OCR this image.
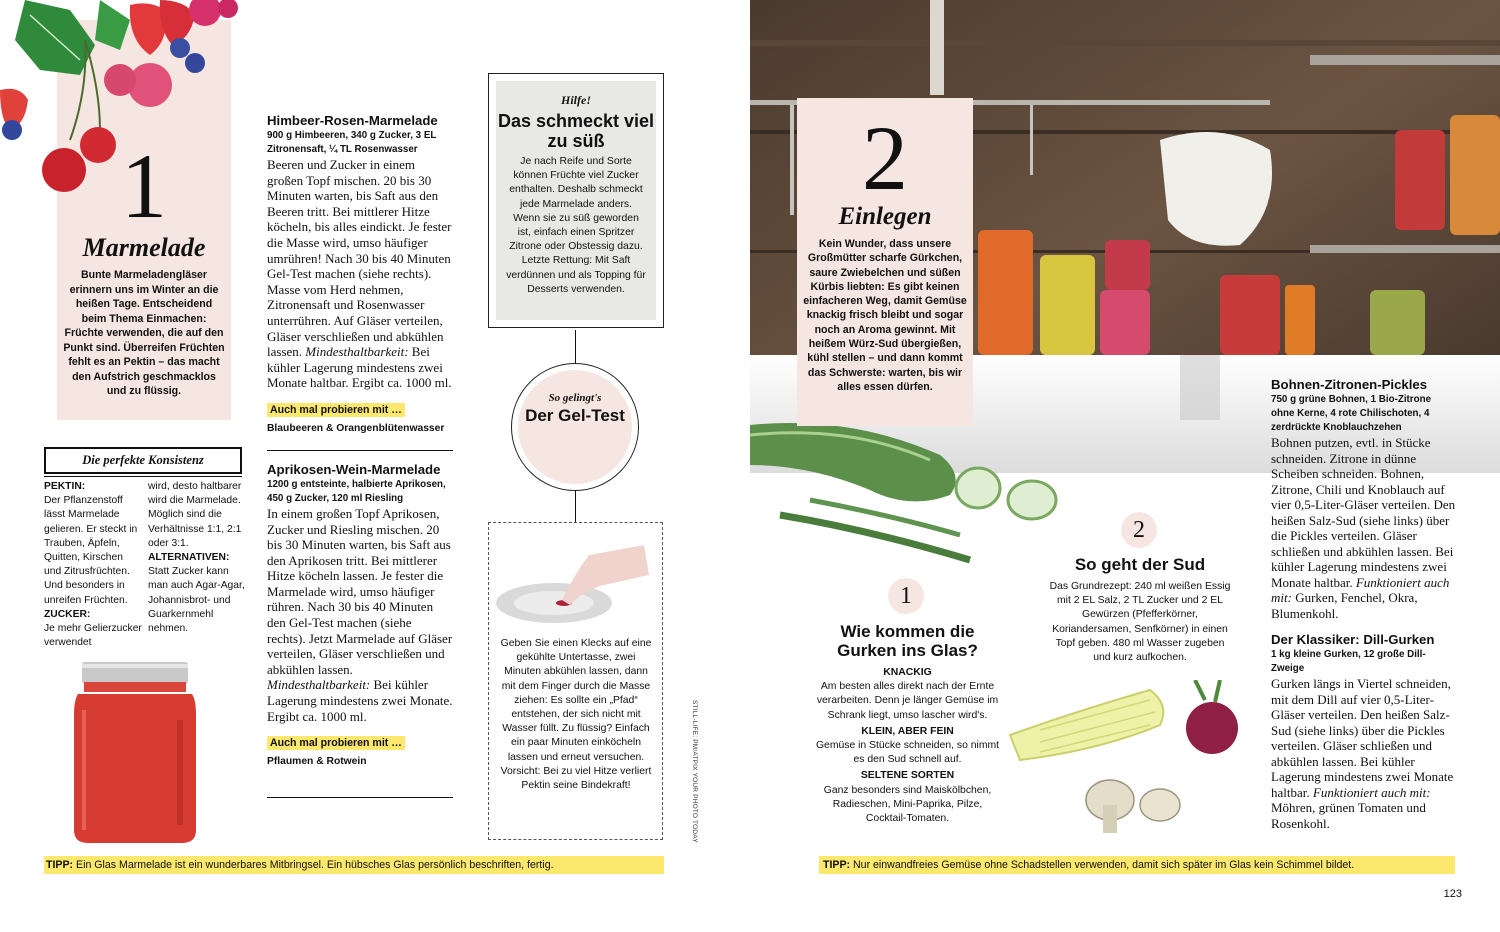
1
Marmelade
Bunte Marmeladengläser erinnern uns im Winter an die heißen Tage. Entscheidend beim Thema Einmachen: Früchte verwenden, die auf den Punkt sind. Überreifen Früchten fehlt es an Pektin – das macht den Aufstrich geschmacklos und zu flüssig.
Die perfekte Konsistenz
PEKTIN:
Der Pflanzenstoff lässt Marmelade gelieren. Er steckt in Trauben, Äpfeln, Quitten, Kirschen und Zitrusfrüchten. Und besonders in unreifen Früchten.
ZUCKER:
Je mehr Gelierzucker verwendet
wird, desto haltbarer wird die Marmelade. Möglich sind die Verhältnisse 1:1, 2:1 oder 3:1.
ALTERNATIVEN:
Statt Zucker kann man auch Agar-Agar, Johannisbrot- und Guarkernmehl nehmen.
Himbeer-Rosen-Marmelade
900 g Himbeeren, 340 g Zucker, 3 EL Zitronensaft, ¼ TL Rosenwasser
Beeren und Zucker in einem großen Topf mischen. 20 bis 30 Minuten warten, bis Saft aus den Beeren tritt. Bei mittlerer Hitze köcheln, bis alles eindickt. Je fester die Masse wird, umso häufiger umrühren! Nach 30 bis 40 Minuten Gel-Test machen (siehe rechts). Masse vom Herd nehmen, Zitronensaft und Rosenwasser unterrühren. Auf Gläser verteilen, Gläser verschließen und abkühlen lassen. Mindesthaltbarkeit: Bei kühler Lagerung mindestens zwei Monate haltbar. Ergibt ca. 1000 ml.
Auch mal probieren mit …
Blaubeeren & Orangenblütenwasser
Aprikosen-Wein-Marmelade
1200 g entsteinte, halbierte Aprikosen, 450 g Zucker, 120 ml Riesling
In einem großen Topf Aprikosen, Zucker und Riesling mischen. 20 bis 30 Minuten warten, bis Saft aus den Aprikosen tritt. Bei mittlerer Hitze köcheln lassen. Je fester die Marmelade wird, umso häufiger rühren. Nach 30 bis 40 Minuten den Gel-Test machen (siehe rechts). Jetzt Marmelade auf Gläser verteilen, Gläser verschließen und abkühlen lassen. Mindesthaltbarkeit: Bei kühler Lagerung mindestens zwei Monate. Ergibt ca. 1000 ml.
Auch mal probieren mit …
Pflaumen & Rotwein
Hilfe!
Das schmeckt viel zu süß
Je nach Reife und Sorte können Früchte viel Zucker enthalten. Deshalb schmeckt jede Marmelade anders. Wenn sie zu süß geworden ist, einfach einen Spritzer Zitrone oder Obstessig dazu. Letzte Rettung: Mit Saft verdünnen und als Topping für Desserts verwenden.
So gelingt's
Der Gel-Test
Geben Sie einen Klecks auf eine gekühlte Untertasse, zwei Minuten abkühlen lassen, dann mit dem Finger durch die Masse ziehen: Es sollte ein „Pfad“ entstehen, der sich nicht mit Wasser füllt. Zu flüssig? Einfach ein paar Minuten einköcheln lassen und erneut versuchen. Vorsicht: Bei zu viel Hitze verliert Pektin seine Bindekraft!	STILL-LIFE: PM/ATPIX YOUR PHOTO TODAY
TIPP: Ein Glas Marmelade ist ein wunderbares Mitbringsel. Ein hübsches Glas persönlich beschriften, fertig.
2
Einlegen
Kein Wunder, dass unsere Großmütter scharfe Gürkchen, saure Zwiebelchen und süßen Kürbis liebten: Es gibt keinen einfacheren Weg, damit Gemüse knackig frisch bleibt und sogar noch an Aroma gewinnt. Mit heißem Würz-Sud übergießen, kühl stellen – und dann kommt das Schwerste: warten, bis wir alles essen dürfen.
2
So geht der Sud
Das Grundrezept: 240 ml weißen Essig mit 2 EL Salz, 2 TL Zucker und 2 EL Gewürzen (Pfefferkörner, Koriandersamen, Senfkörner) in einen Topf geben. 480 ml Wasser zugeben und kurz aufkochen.
1
Wie kommen die Gurken ins Glas?
KNACKIG
Am besten alles direkt nach der Ernte verarbeiten. Denn je länger Gemüse im Schrank liegt, umso lascher wird's.
KLEIN, ABER FEIN
Gemüse in Stücke schneiden, so nimmt es den Sud schnell auf.
SELTENE SORTEN
Ganz besonders sind Maiskölbchen, Radieschen, Mini-Paprika, Pilze, Cocktail-Tomaten.
Bohnen-Zitronen-Pickles
750 g grüne Bohnen, 1 Bio-Zitrone ohne Kerne, 4 rote Chilischoten, 4 zerdrückte Knoblauchzehen
Bohnen putzen, evtl. in Stücke schneiden. Zitrone in dünne Scheiben schneiden. Bohnen, Zitrone, Chili und Knoblauch auf vier 0,5-Liter-Gläser verteilen. Den heißen Salz-Sud (siehe links) über die Pickles verteilen. Gläser schließen und abkühlen lassen. Bei kühler Lagerung mindestens zwei Monate haltbar. Funktioniert auch mit: Gurken, Fenchel, Okra, Blumenkohl.
Der Klassiker: Dill-Gurken
1 kg kleine Gurken, 12 große Dill-Zweige
Gurken längs in Viertel schneiden, mit dem Dill auf vier 0,5-Liter-Gläser verteilen. Den heißen Salz-Sud (siehe links) über die Pickles verteilen. Gläser schließen und abkühlen lassen. Bei kühler Lagerung mindestens zwei Monate haltbar. Funktioniert auch mit: Möhren, grünen Tomaten und Rosenkohl.
TIPP: Nur einwandfreies Gemüse ohne Schadstellen verwenden, damit sich später im Glas kein Schimmel bildet.
123
